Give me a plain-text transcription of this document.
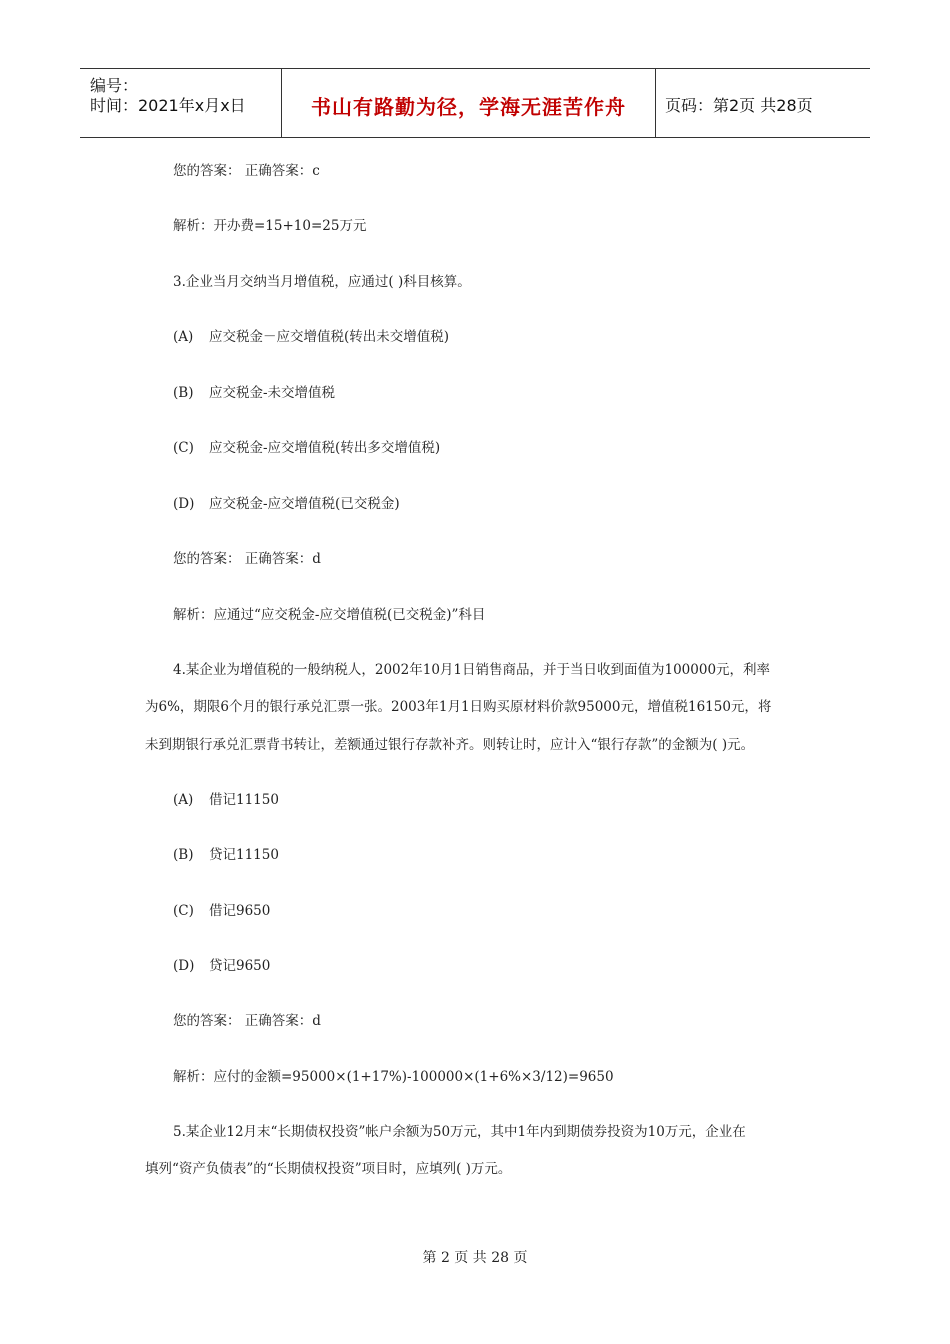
编号：
时间：2021年x月x日	书山有路勤为径，学海无涯苦作舟	页码：第2页 共28页
您的答案： 正确答案：c
解析：开办费=15+10=25万元
3.企业当月交纳当月增值税，应通过( )科目核算。
(A) 应交税金－应交增值税(转出未交增值税)
(B) 应交税金-未交增值税
(C) 应交税金-应交增值税(转出多交增值税)
(D) 应交税金-应交增值税(已交税金)
您的答案： 正确答案：d
解析：应通过“应交税金-应交增值税(已交税金)”科目
4.某企业为增值税的一般纳税人，2002年10月1日销售商品，并于当日收到面值为100000元，利率
为6%，期限6个月的银行承兑汇票一张。2003年1月1日购买原材料价款95000元，增值税16150元，将
未到期银行承兑汇票背书转让，差额通过银行存款补齐。则转让时，应计入“银行存款”的金额为( )元。
(A) 借记11150
(B) 贷记11150
(C) 借记9650
(D) 贷记9650
您的答案： 正确答案：d
解析：应付的金额=95000×(1+17%)-100000×(1+6%×3/12)=9650
5.某企业12月末“长期债权投资”帐户余额为50万元，其中1年内到期债券投资为10万元，企业在
填列“资产负债表”的“长期债权投资”项目时，应填列( )万元。
第 2 页 共 28 页
